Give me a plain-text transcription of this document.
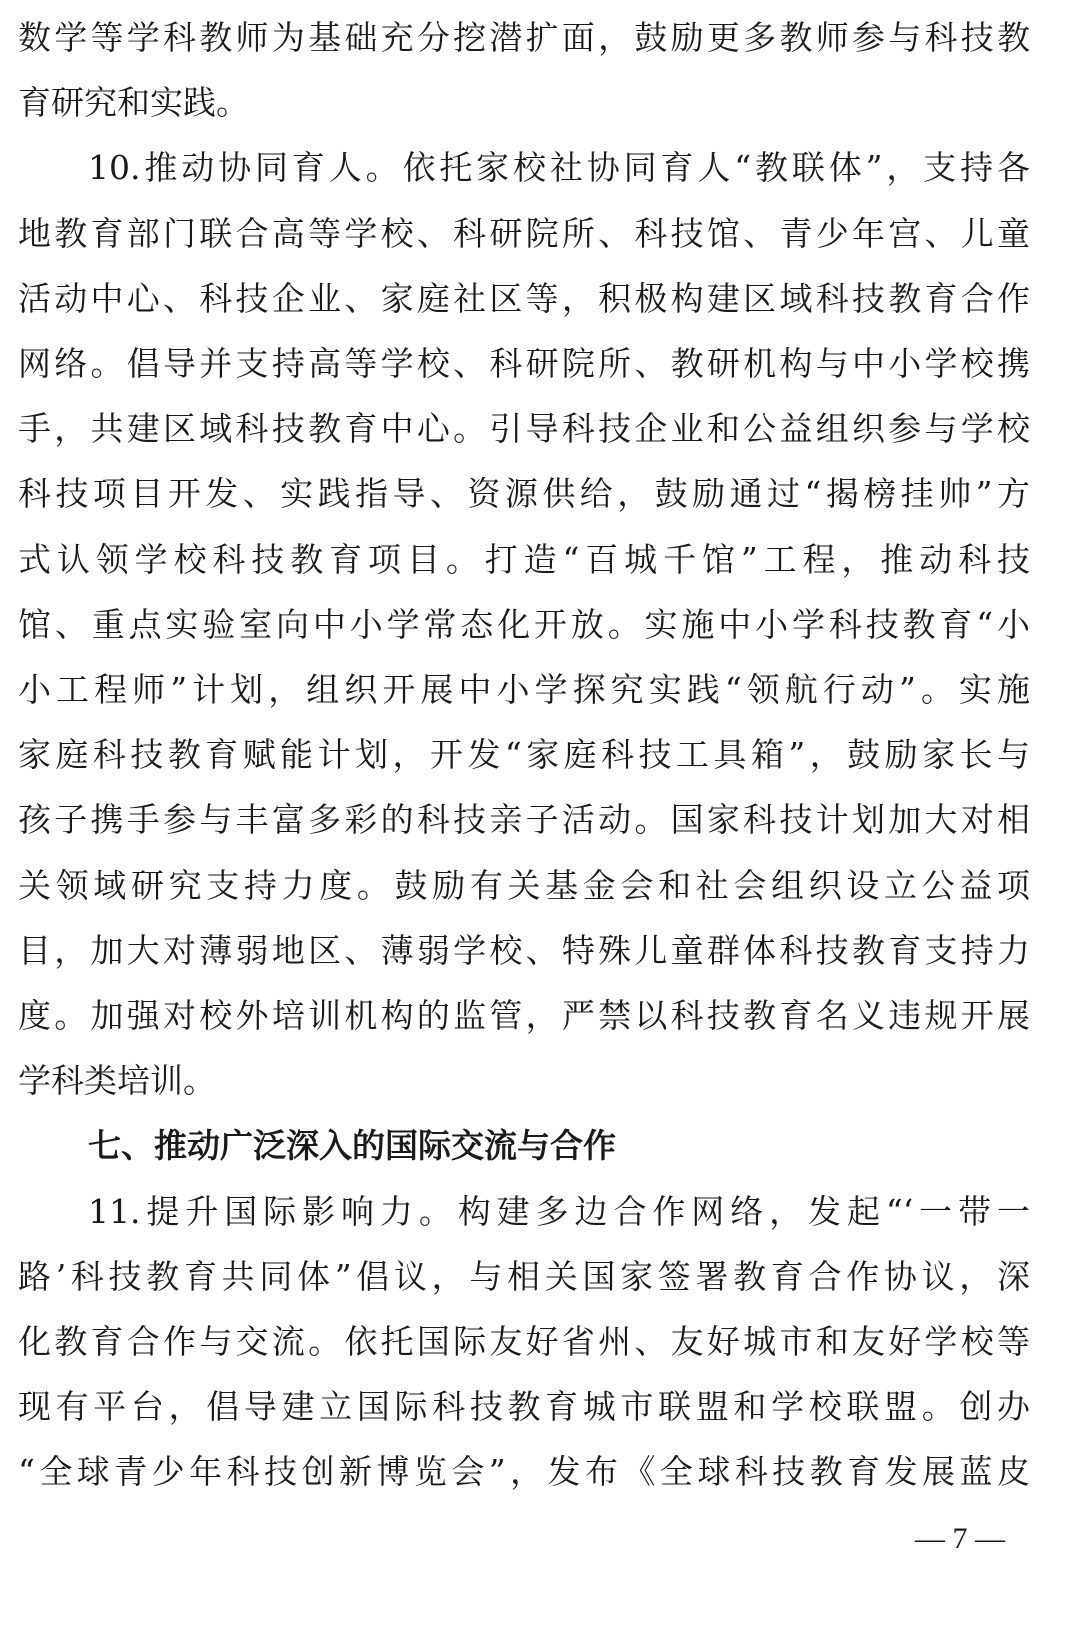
数学等学科教师为基础充分挖潜扩面，鼓励更多教师参与科技教
育研究和实践。
10.推动协同育人。依托家校社协同育人“教联体”，支持各
地教育部门联合高等学校、科研院所、科技馆、青少年宫、儿童
活动中心、科技企业、家庭社区等，积极构建区域科技教育合作
网络。倡导并支持高等学校、科研院所、教研机构与中小学校携
手，共建区域科技教育中心。引导科技企业和公益组织参与学校
科技项目开发、实践指导、资源供给，鼓励通过“揭榜挂帅”方
式认领学校科技教育项目。打造“百城千馆”工程，推动科技
馆、重点实验室向中小学常态化开放。实施中小学科技教育“小
小工程师”计划，组织开展中小学探究实践“领航行动”。实施
家庭科技教育赋能计划，开发“家庭科技工具箱”，鼓励家长与
孩子携手参与丰富多彩的科技亲子活动。国家科技计划加大对相
关领域研究支持力度。鼓励有关基金会和社会组织设立公益项
目，加大对薄弱地区、薄弱学校、特殊儿童群体科技教育支持力
度。加强对校外培训机构的监管，严禁以科技教育名义违规开展
学科类培训。
七、推动广泛深入的国际交流与合作
11.提升国际影响力。构建多边合作网络，发起“‘一带一
路’科技教育共同体”倡议，与相关国家签署教育合作协议，深
化教育合作与交流。依托国际友好省州、友好城市和友好学校等
现有平台，倡导建立国际科技教育城市联盟和学校联盟。创办
“全球青少年科技创新博览会”，发布《全球科技教育发展蓝皮
— 7 —
